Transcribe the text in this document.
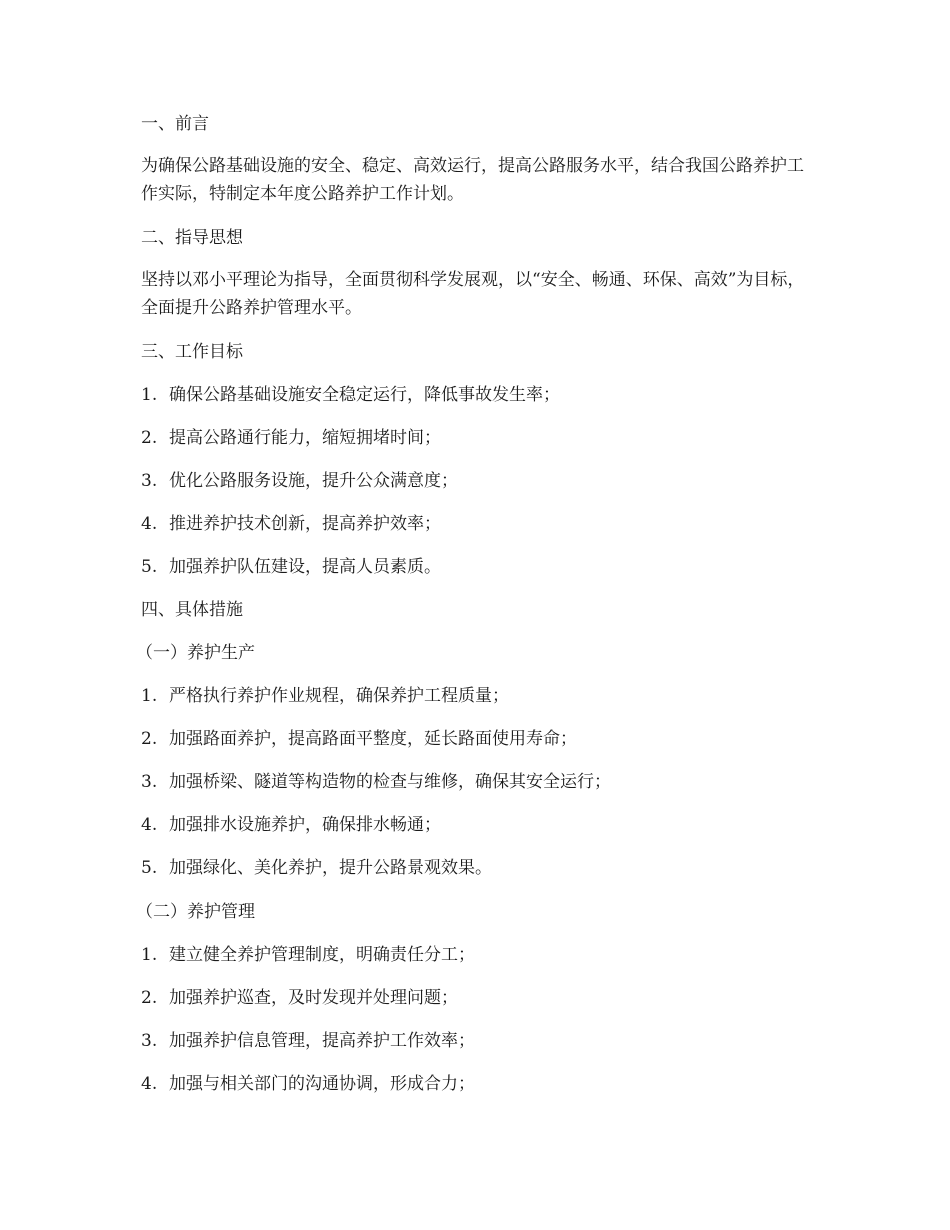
一、前言

为确保公路基础设施的安全、稳定、高效运行，提高公路服务水平，结合我国公路养护工作实际，特制定本年度公路养护工作计划。

二、指导思想

坚持以邓小平理论为指导，全面贯彻科学发展观，以“安全、畅通、环保、高效”为目标，全面提升公路养护管理水平。

三、工作目标

1. 确保公路基础设施安全稳定运行，降低事故发生率；

2. 提高公路通行能力，缩短拥堵时间；

3. 优化公路服务设施，提升公众满意度；

4. 推进养护技术创新，提高养护效率；

5. 加强养护队伍建设，提高人员素质。

四、具体措施

（一）养护生产

1. 严格执行养护作业规程，确保养护工程质量；

2. 加强路面养护，提高路面平整度，延长路面使用寿命；

3. 加强桥梁、隧道等构造物的检查与维修，确保其安全运行；

4. 加强排水设施养护，确保排水畅通；

5. 加强绿化、美化养护，提升公路景观效果。

（二）养护管理

1. 建立健全养护管理制度，明确责任分工；

2. 加强养护巡查，及时发现并处理问题；

3. 加强养护信息管理，提高养护工作效率；

4. 加强与相关部门的沟通协调，形成合力；
